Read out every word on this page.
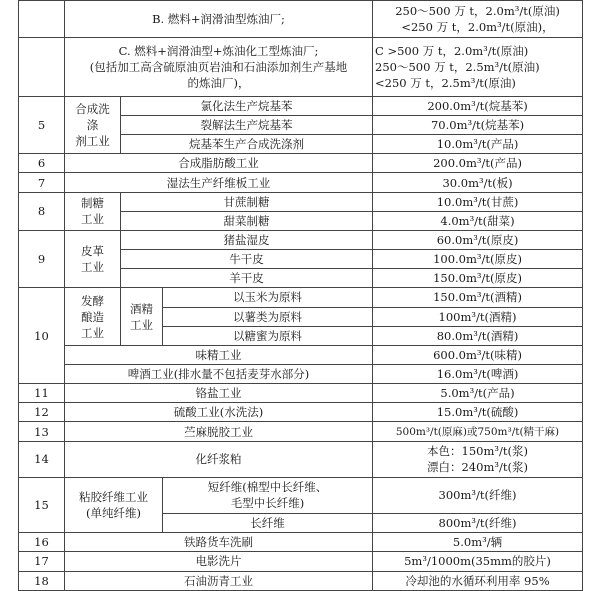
	B. 燃料+润滑油型炼油厂;			250～500 万 t，2.0m³/t(原油)
<250 万 t，2.0m³/t(原油)，

	C. 燃料+润滑油型+炼油化工型炼油厂;
(包括加工高含硫原油页岩油和石油添加剂生产基地
的炼油厂)，			C >500 万 t，2.0m³/t(原油)
250～500 万 t，2.5m³/t(原油)
<250 万 t，2.5m³/t(原油)

5	合成洗
涤
剂工业	氯化法生产烷基苯		200.0m³/t(烷基苯)
		裂解法生产烷基苯		70.0m³/t(烷基苯)
		烷基苯生产合成洗涤剂		10.0m³/t(产品)
6	合成脂肪酸工业			200.0m³/t(产品)
7	湿法生产纤维板工业			30.0m³/t(板)
8	制糖
工业	甘蔗制糖		10.0m³/t(甘蔗)
		甜菜制糖		4.0m³/t(甜菜)
9	皮革
工业	猪盐湿皮		60.0m³/t(原皮)
		牛干皮		100.0m³/t(原皮)
		羊干皮		150.0m³/t(原皮)
10	发酵
酿造
工业	酒精
工业	以玉米为原料	150.0m³/t(酒精)
			以薯类为原料	100m³/t(酒精)
			以糖蜜为原料	80.0m³/t(酒精)
	味精工业			600.0m³/t(味精)
	啤酒工业(排水量不包括麦芽水部分)			16.0m³/t(啤酒)
11	铬盐工业			5.0m³/t(产品)
12	硫酸工业(水洗法)			15.0m³/t(硫酸)
13	苎麻脱胶工业			500m³/t(原麻)或750m³/t(精干麻)
14	化纤浆粕			本色：150m³/t(浆)
漂白：240m³/t(浆)

15	粘胶纤维工业
(单纯纤维)		短纤维(棉型中长纤维、
毛型中长纤维)	300m³/t(纤维)
			长纤维	800m³/t(纤维)
16	铁路货车洗刷			5.0m³/辆
17	电影洗片			5m³/1000m(35mm的胶片)
18	石油沥青工业			冷却池的水循环利用率 95%
